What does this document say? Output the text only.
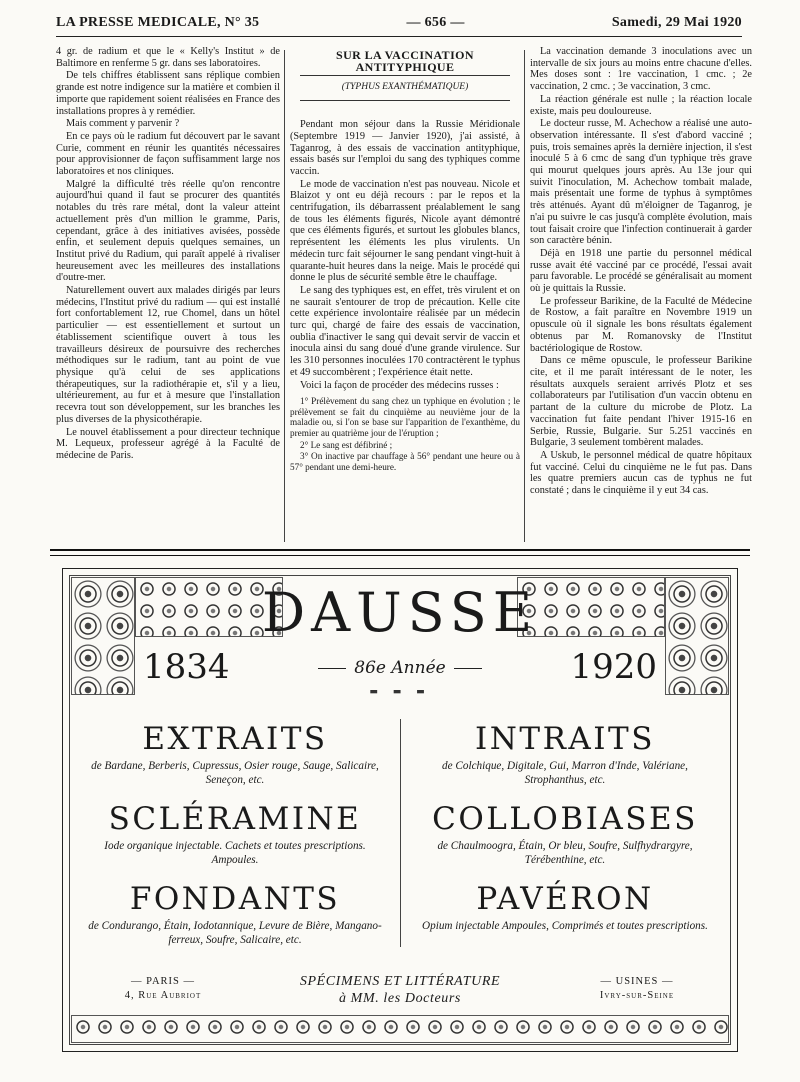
LA PRESSE MEDICALE, N° 35	— 656 —	Samedi, 29 Mai 1920

4 gr. de radium et que le « Kelly's Institut » de Baltimore en renferme 5 gr. dans ses laboratoires.

De tels chiffres établissent sans réplique combien grande est notre indigence sur la matière et combien il importe que rapidement soient réalisées en France des installations propres à y remédier.

Mais comment y parvenir ?

En ce pays où le radium fut découvert par le savant Curie, comment en réunir les quantités nécessaires pour approvisionner de façon suffisamment large nos laboratoires et nos cliniques.

Malgré la difficulté très réelle qu'on rencontre aujourd'hui quand il faut se procurer des quantités notables du très rare métal, dont la valeur atteint actuellement près d'un million le gramme, Paris, cependant, grâce à des initiatives avisées, possède enfin, et seulement depuis quelques semaines, un Institut privé du Radium, qui paraît appelé à rivaliser heureusement avec les meilleures des installations d'outre-mer.

Naturellement ouvert aux malades dirigés par leurs médecins, l'Institut privé du radium — qui est installé fort confortablement 12, rue Chomel, dans un hôtel particulier — est essentiellement et surtout un établissement scientifique ouvert à tous les travailleurs désireux de poursuivre des recherches méthodiques sur le radium, tant au point de vue physique qu'à celui de ses applications thérapeutiques, sur la radiothérapie et, s'il y a lieu, ultérieurement, au fur et à mesure que l'installation recevra tout son développement, sur les branches les plus diverses de la physicothérapie.

Le nouvel établissement a pour directeur technique M. Lequeux, professeur agrégé à la Faculté de médecine de Paris.

SUR LA VACCINATION ANTITYPHIQUE
(TYPHUS EXANTHÉMATIQUE)

Pendant mon séjour dans la Russie Méridionale (Septembre 1919 — Janvier 1920), j'ai assisté, à Taganrog, à des essais de vaccination antityphique, essais basés sur l'emploi du sang des typhiques comme vaccin.

Le mode de vaccination n'est pas nouveau. Nicole et Blaizot y ont eu déjà recours : par le repos et la centrifugation, ils débarrassent préalablement le sang de tous les éléments figurés, Nicole ayant démontré que ces éléments figurés, et surtout les globules blancs, représentent les éléments les plus virulents. Un médecin turc fait séjourner le sang pendant vingt-huit à quarante-huit heures dans la neige. Mais le procédé qui donne le plus de sécurité semble être le chauffage.

Le sang des typhiques est, en effet, très virulent et on ne saurait s'entourer de trop de précaution. Kelle cite cette expérience involontaire réalisée par un médecin turc qui, chargé de faire des essais de vaccination, oublia d'inactiver le sang qui devait servir de vaccin et inocula ainsi du sang doué d'une grande virulence. Sur les 310 personnes inoculées 170 contractèrent le typhus et 49 succombèrent ; l'expérience était nette.

Voici la façon de procéder des médecins russes :

1° Prélèvement du sang chez un typhique en évolution ; le prélèvement se fait du cinquième au neuvième jour de la maladie ou, si l'on se base sur l'apparition de l'exanthème, du premier au quatrième jour de l'éruption ;

2° Le sang est défibriné ;

3° On inactive par chauffage à 56° pendant une heure ou à 57° pendant une demi-heure.

La vaccination demande 3 inoculations avec un intervalle de six jours au moins entre chacune d'elles. Mes doses sont : 1re vaccination, 1 cmc. ; 2e vaccination, 2 cmc. ; 3e vaccination, 3 cmc.

La réaction générale est nulle ; la réaction locale existe, mais peu douloureuse.

Le docteur russe, M. Achechow a réalisé une auto-observation intéressante. Il s'est d'abord vacciné ; puis, trois semaines après la dernière injection, il s'est inoculé 5 à 6 cmc de sang d'un typhique très grave qui mourut quelques jours après. Au 13e jour qui suivit l'inoculation, M. Achechow tombait malade, mais présentait une forme de typhus à symptômes très atténués. Ayant dû m'éloigner de Taganrog, je n'ai pu suivre le cas jusqu'à complète évolution, mais tout faisait croire que l'infection continuerait à garder son caractère bénin.

Déjà en 1918 une partie du personnel médical russe avait été vacciné par ce procédé, l'essai avait paru favorable. Le procédé se généralisait au moment où je quittais la Russie.

Le professeur Barikine, de la Faculté de Médecine de Rostow, a fait paraître en Novembre 1919 un opuscule où il signale les bons résultats également obtenus par M. Romanovsky de l'Institut bactériologique de Rostow.

Dans ce même opuscule, le professeur Barikine cite, et il me paraît intéressant de le noter, les résultats auxquels seraient arrivés Plotz et ses collaborateurs par l'utilisation d'un vaccin obtenu en partant de la culture du microbe de Plotz. La vaccination fut faite pendant l'hiver 1915-16 en Serbie, Russie, Bulgarie. Sur 5.251 vaccinés en Bulgarie, 3 seulement tombèrent malades.

A Uskub, le personnel médical de quatre hôpitaux fut vacciné. Celui du cinquième ne le fut pas. Dans les quatre premiers aucun cas de typhus ne fut constaté ; dans le cinquième il y eut 34 cas.

DAUSSE
1834	1920
86e Année
▬ ▬ ▬
EXTRAITS
de Bardane, Berberis, Cupressus, Osier rouge, Sauge, Salicaire, Seneçon, etc.
INTRAITS
de Colchique, Digitale, Gui, Marron d'Inde, Valériane, Strophanthus, etc.
SCLÉRAMINE
Iode organique injectable. Cachets et toutes prescriptions. Ampoules.
COLLOBIASES
de Chaulmoogra, Étain, Or bleu, Soufre, Sulfhydrargyre, Térébenthine, etc.
FONDANTS
de Condurango, Étain, Iodotannique, Levure de Bière, Mangano-ferreux, Soufre, Salicaire, etc.
PAVÉRON
Opium injectable Ampoules, Comprimés et toutes prescriptions.
— PARIS —
4, Rue Aubriot
SPÉCIMENS ET LITTÉRATURE
à MM. les Docteurs
— USINES —
Ivry-sur-Seine
